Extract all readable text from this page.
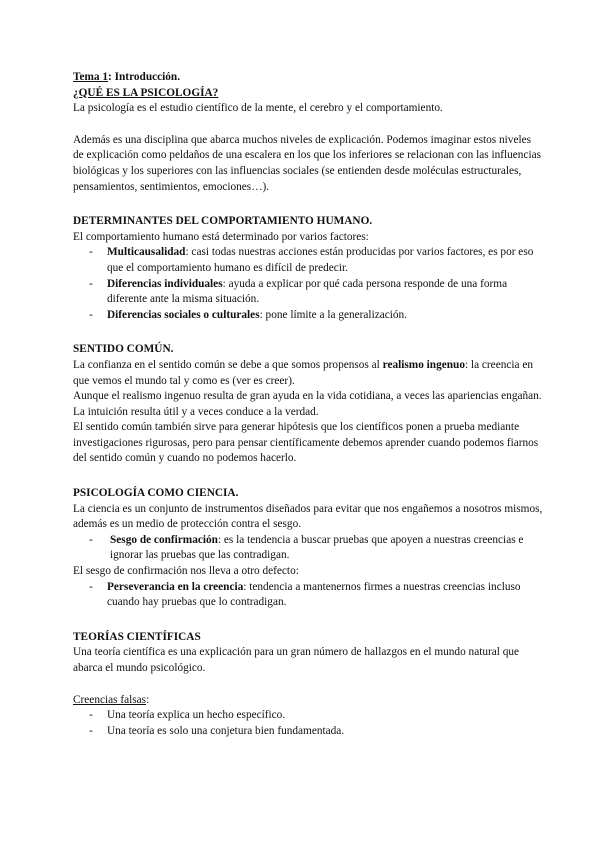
Tema 1: Introducción.

¿QUÉ ES LA PSICOLOGÍA?

La psicología es el estudio científico de la mente, el cerebro y el comportamiento.

Además es una disciplina que abarca muchos niveles de explicación. Podemos imaginar estos niveles de explicación como peldaños de una escalera en los que los inferiores se relacionan con las influencias biológicas y los superiores con las influencias sociales (se entienden desde moléculas estructurales, pensamientos, sentimientos, emociones…).

DETERMINANTES DEL COMPORTAMIENTO HUMANO.

El comportamiento humano está determinado por varios factores:

- Multicausalidad: casi todas nuestras acciones están producidas por varios factores, es por eso que el comportamiento humano es difícil de predecir.
- Diferencias individuales: ayuda a explicar por qué cada persona responde de una forma diferente ante la misma situación.
- Diferencias sociales o culturales: pone límite a la generalización.

SENTIDO COMÚN.

La confianza en el sentido común se debe a que somos propensos al realismo ingenuo: la creencia en que vemos el mundo tal y como es (ver es creer).

Aunque el realismo ingenuo resulta de gran ayuda en la vida cotidiana, a veces las apariencias engañan.

La intuición resulta útil y a veces conduce a la verdad.

El sentido común también sirve para generar hipótesis que los científicos ponen a prueba mediante investigaciones rigurosas, pero para pensar científicamente debemos aprender cuando podemos fiarnos del sentido común y cuando no podemos hacerlo.

PSICOLOGÍA COMO CIENCIA.

La ciencia es un conjunto de instrumentos diseñados para evitar que nos engañemos a nosotros mismos, además es un medio de protección contra el sesgo.

- Sesgo de confirmación: es la tendencia a buscar pruebas que apoyen a nuestras creencias e ignorar las pruebas que las contradigan.

El sesgo de confirmación nos lleva a otro defecto:

- Perseverancia en la creencia: tendencia a mantenernos firmes a nuestras creencias incluso cuando hay pruebas que lo contradigan.

TEORÍAS CIENTÍFICAS

Una teoría científica es una explicación para un gran número de hallazgos en el mundo natural que abarca el mundo psicológico.

Creencias falsas:

- Una teoría explica un hecho específico.
- Una teoría es solo una conjetura bien fundamentada.
